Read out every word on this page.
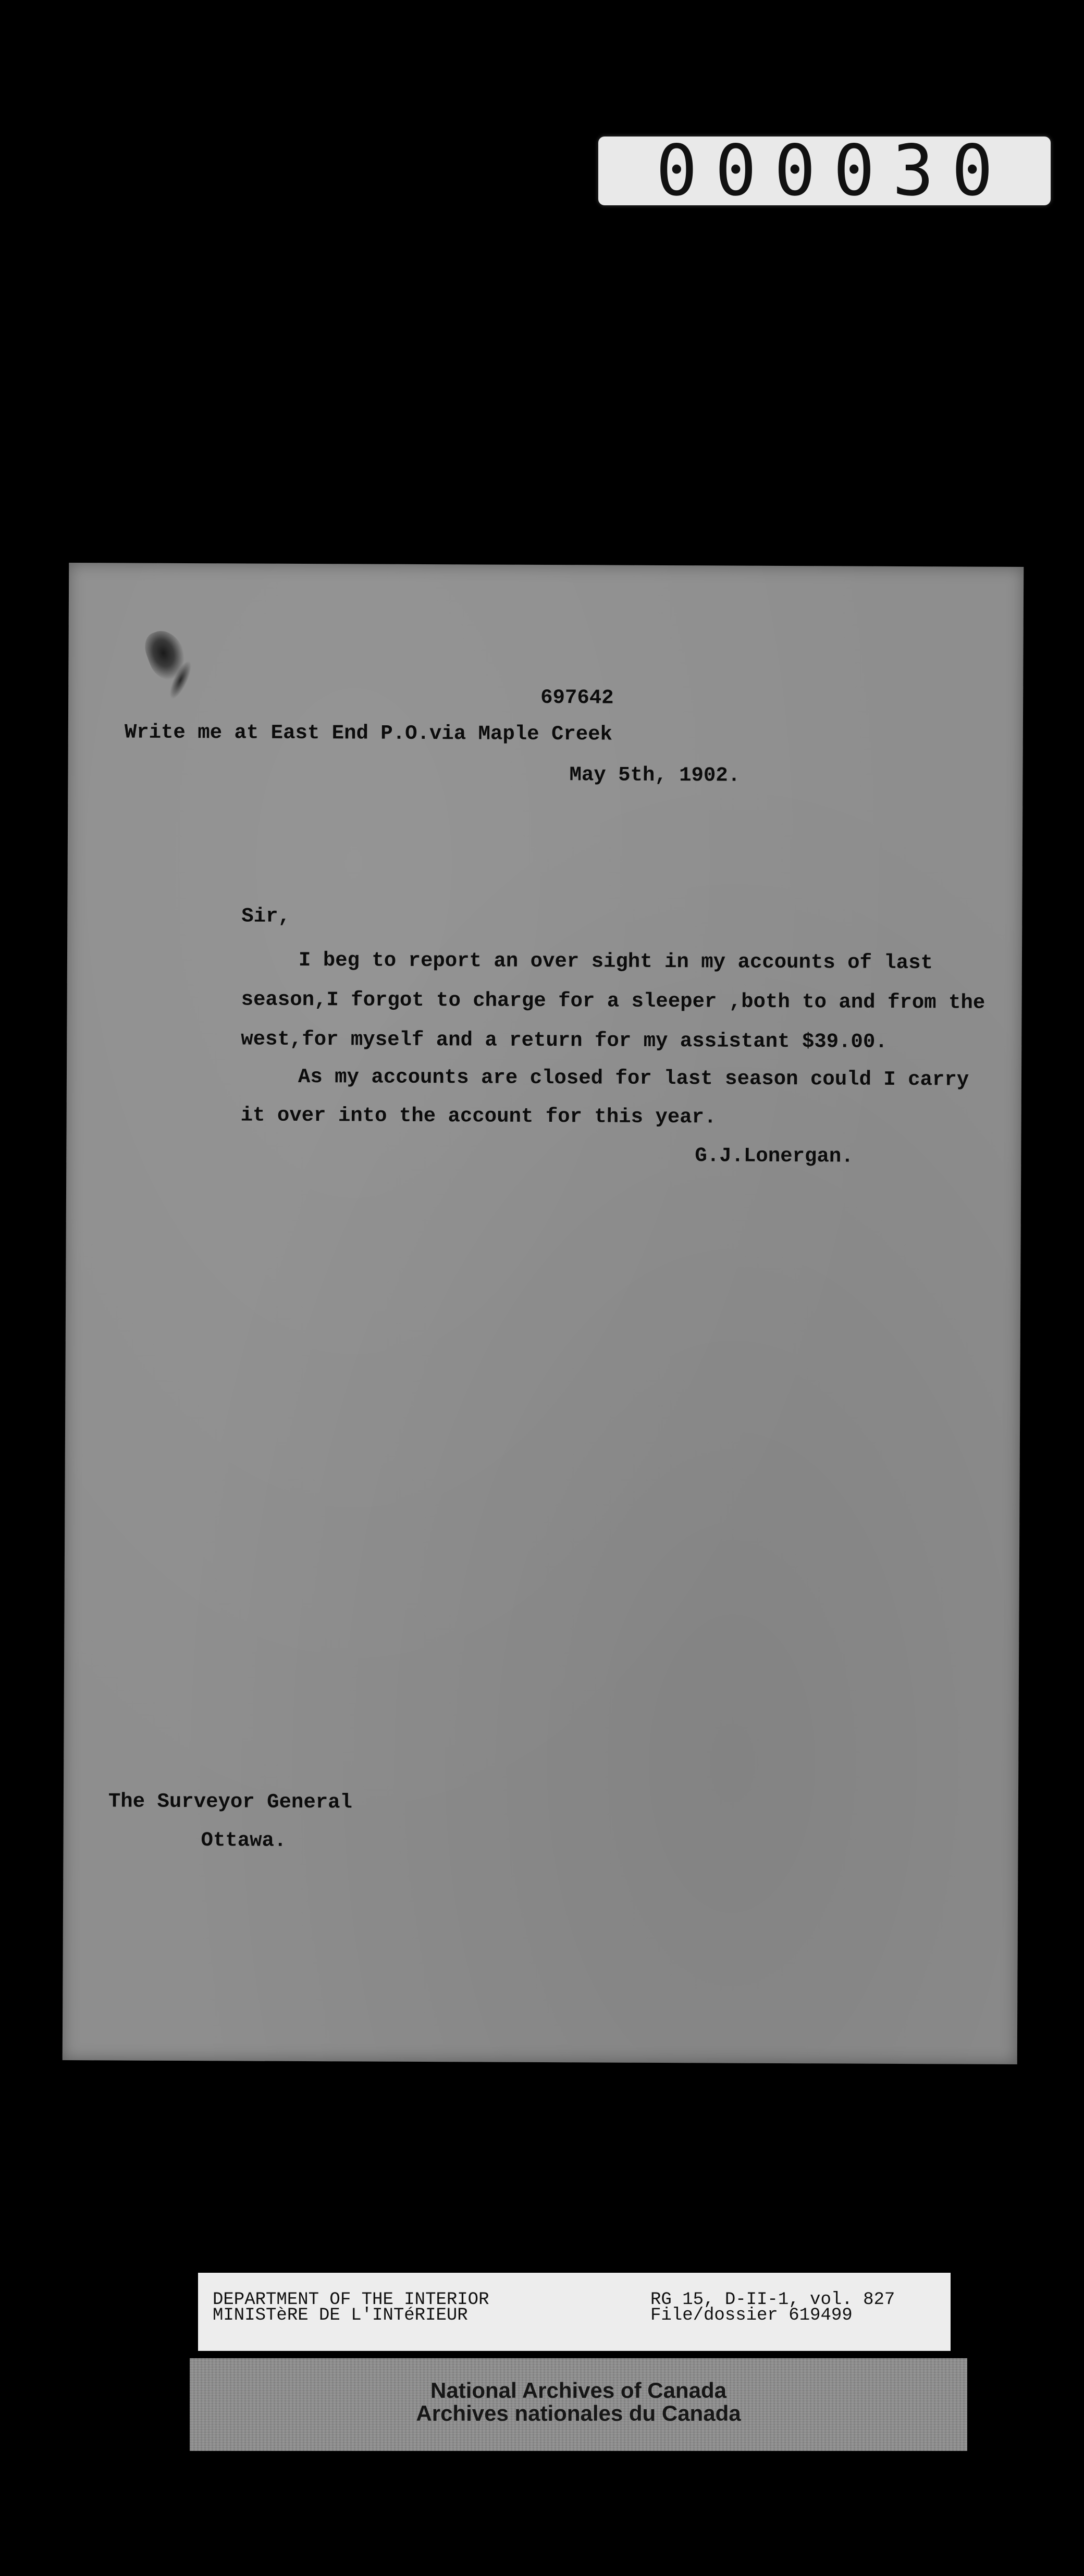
000030
697642
Write me at East End P.O.via Maple Creek
May 5th, 1902.
Sir,
I beg to report an over sight in my accounts of last
season,I forgot to charge for a sleeper ,both to and from the
west,for myself and a return for my assistant $39.00.
As my accounts are closed for last season could I carry
it over into the account for this year.
G.J.Lonergan.
The Surveyor General
Ottawa.
DEPARTMENT OF THE INTERIOR
MINISTèRE DE L'INTéRIEUR
RG 15, D-II-1, vol. 827
File/dossier 619499
National Archives of Canada
Archives nationales du Canada
